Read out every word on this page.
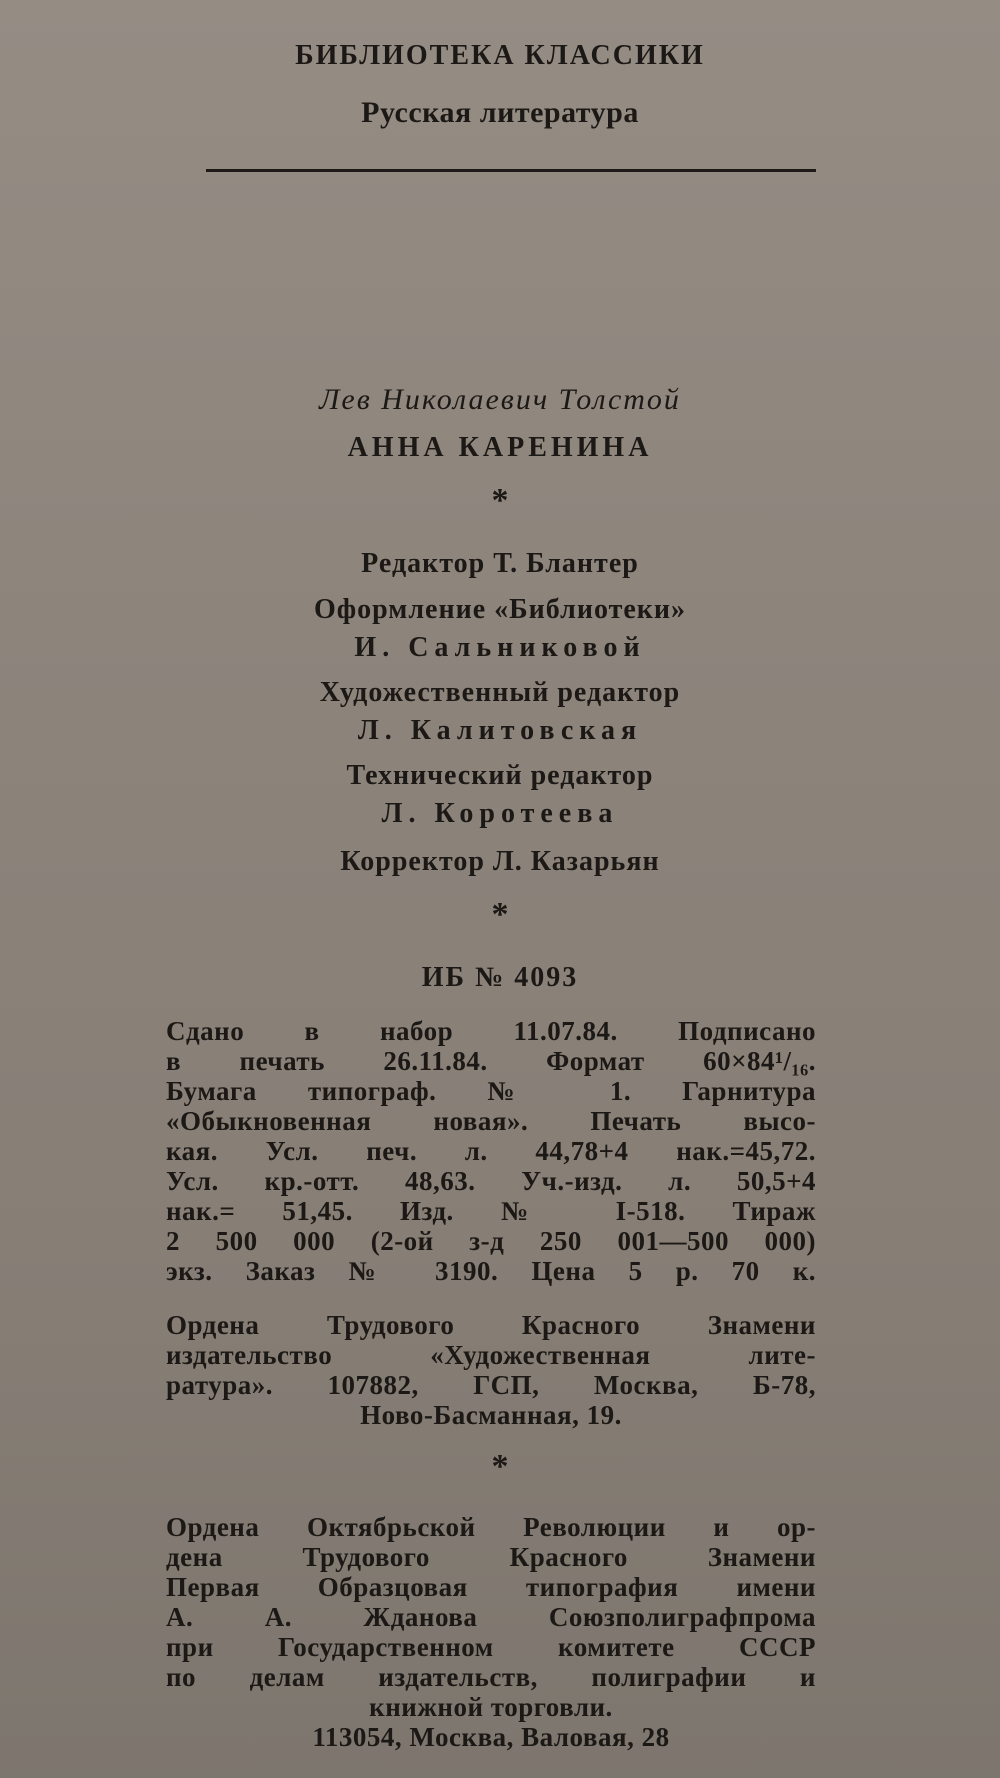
БИБЛИОТЕКА КЛАССИКИ
Русская литература
Лев Николаевич Толстой
АННА КАРЕНИНА
*
Редактор Т. Блантер
Оформление «Библиотеки»
И. Сальниковой
Художественный редактор
Л. Калитовская
Технический редактор
Л. Коротеева
Корректор Л. Казарьян
*
ИБ № 4093
Сдано в набор 11.07.84. Подписано
в печать 26.11.84. Формат 60×84¹/₁₆.
Бумага типограф. № 1. Гарнитура
«Обыкновенная новая». Печать высо-
кая. Усл. печ. л. 44,78+4 нак.=45,72.
Усл. кр.-отт. 48,63. Уч.-изд. л. 50,5+4
нак.= 51,45. Изд. № I-518. Тираж
2 500 000 (2-ой з-д 250 001—500 000)
экз. Заказ № 3190. Цена 5 р. 70 к.
Ордена Трудового Красного Знамени
издательство «Художественная лите-
ратура». 107882, ГСП, Москва, Б-78,
Ново-Басманная, 19.
*
Ордена Октябрьской Революции и ор-
дена Трудового Красного Знамени
Первая Образцовая типография имени
А. А. Жданова Союзполиграфпрома
при Государственном комитете СССР
по делам издательств, полиграфии и
книжной торговли.
113054, Москва, Валовая, 28
